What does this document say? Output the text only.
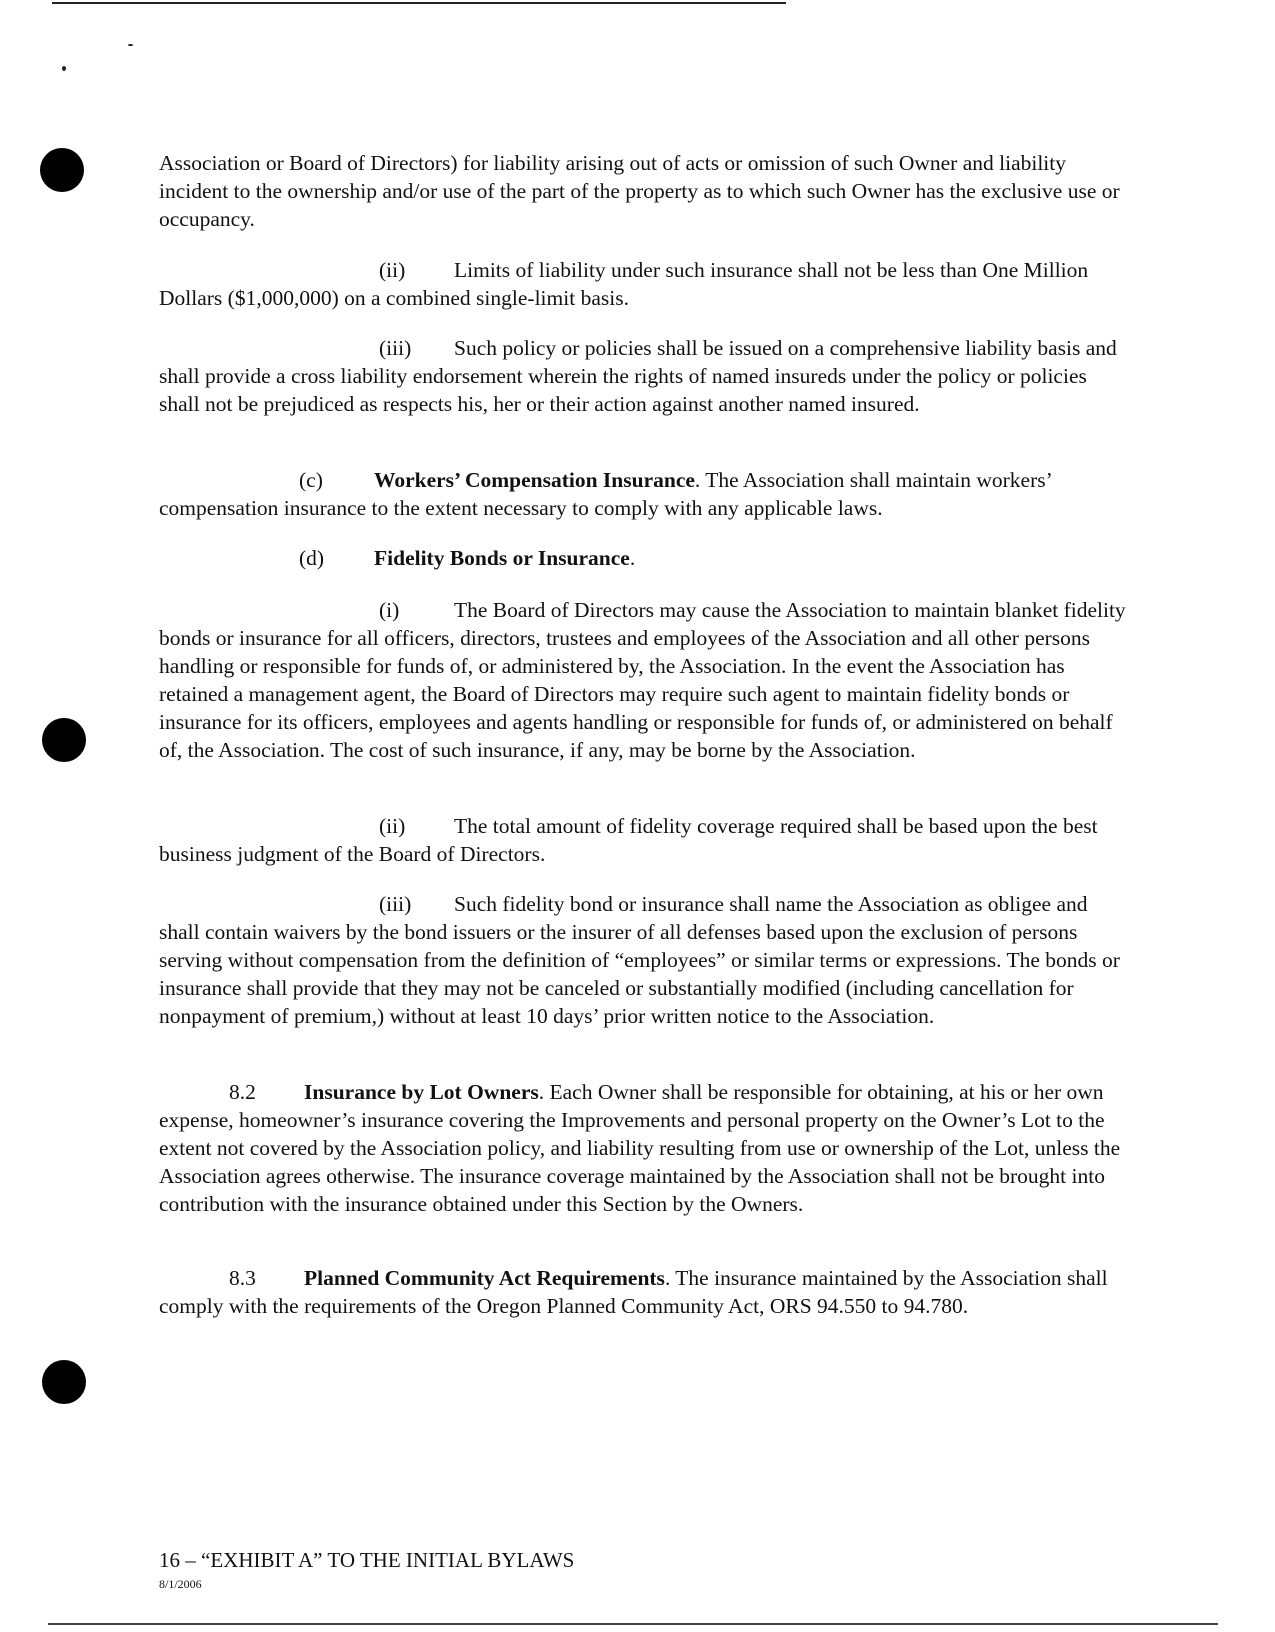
Association or Board of Directors) for liability arising out of acts or omission of such Owner and liability incident to the ownership and/or use of the part of the property as to which such Owner has the exclusive use or occupancy.

(ii) Limits of liability under such insurance shall not be less than One Million Dollars ($1,000,000) on a combined single-limit basis.

(iii) Such policy or policies shall be issued on a comprehensive liability basis and shall provide a cross liability endorsement wherein the rights of named insureds under the policy or policies shall not be prejudiced as respects his, her or their action against another named insured.

(c) Workers’ Compensation Insurance. The Association shall maintain workers’ compensation insurance to the extent necessary to comply with any applicable laws.

(d) Fidelity Bonds or Insurance.

(i)	The Board of Directors may cause the Association to maintain blanket fidelity bonds or insurance for all officers, directors, trustees and employees of the Association and all other persons handling or responsible for funds of, or administered by, the Association. In the event the Association has retained a management agent, the Board of Directors may require such agent to maintain fidelity bonds or insurance for its officers, employees and agents handling or responsible for funds of, or administered on behalf of, the Association. The cost of such insurance, if any, may be borne by the Association.

(ii) The total amount of fidelity coverage required shall be based upon the best business judgment of the Board of Directors.

(iii) Such fidelity bond or insurance shall name the Association as obligee and shall contain waivers by the bond issuers or the insurer of all defenses based upon the exclusion of persons serving without compensation from the definition of “employees” or similar terms or expressions. The bonds or insurance shall provide that they may not be canceled or substantially modified (including cancellation for nonpayment of premium,) without at least 10 days’ prior written notice to the Association.

8.2 Insurance by Lot Owners. Each Owner shall be responsible for obtaining, at his or her own expense, homeowner’s insurance covering the Improvements and personal property on the Owner’s Lot to the extent not covered by the Association policy, and liability resulting from use or ownership of the Lot, unless the Association agrees otherwise. The insurance coverage maintained by the Association shall not be brought into contribution with the insurance obtained under this Section by the Owners.

8.3 Planned Community Act Requirements. The insurance maintained by the Association shall comply with the requirements of the Oregon Planned Community Act, ORS 94.550 to 94.780.

16 – “EXHIBIT A” TO THE INITIAL BYLAWS
8/1/2006
